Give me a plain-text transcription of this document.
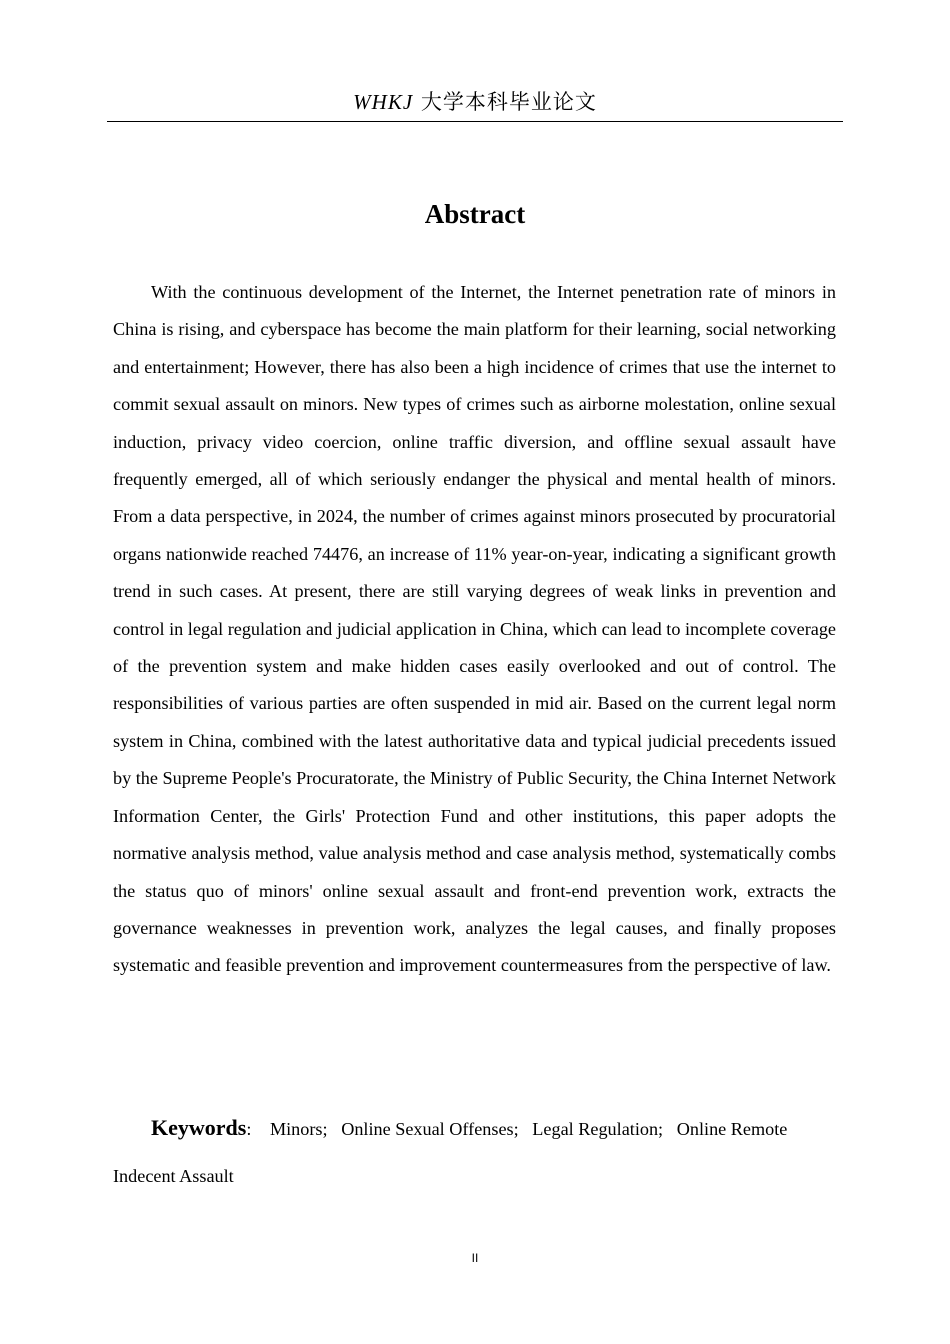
WHKJ 大学本科毕业论文
Abstract

With the continuous development of the Internet, the Internet penetration rate of minors in China is rising, and cyberspace has become the main platform for their learning, social networking and entertainment; However, there has also been a high incidence of crimes that use the internet to commit sexual assault on minors. New types of crimes such as airborne molestation, online sexual induction, privacy video coercion, online traffic diversion, and offline sexual assault have frequently emerged, all of which seriously endanger the physical and mental health of minors. From a data perspective, in 2024, the number of crimes against minors prosecuted by procuratorial organs nationwide reached 74476, an increase of 11% year-on-year, indicating a significant growth trend in such cases. At present, there are still varying degrees of weak links in prevention and control in legal regulation and judicial application in China, which can lead to incomplete coverage of the prevention system and make hidden cases easily overlooked and out of control. The responsibilities of various parties are often suspended in mid air. Based on the current legal norm system in China, combined with the latest authoritative data and typical judicial precedents issued by the Supreme People's Procuratorate, the Ministry of Public Security, the China Internet Network Information Center, the Girls' Protection Fund and other institutions, this paper adopts the normative analysis method, value analysis method and case analysis method, systematically combs the status quo of minors' online sexual assault and front-end prevention work, extracts the governance weaknesses in prevention work, analyzes the legal causes, and finally proposes systematic and feasible prevention and improvement countermeasures from the perspective of law.

Keywords: Minors; Online Sexual Offenses; Legal Regulation; Online Remote Indecent Assault

II
